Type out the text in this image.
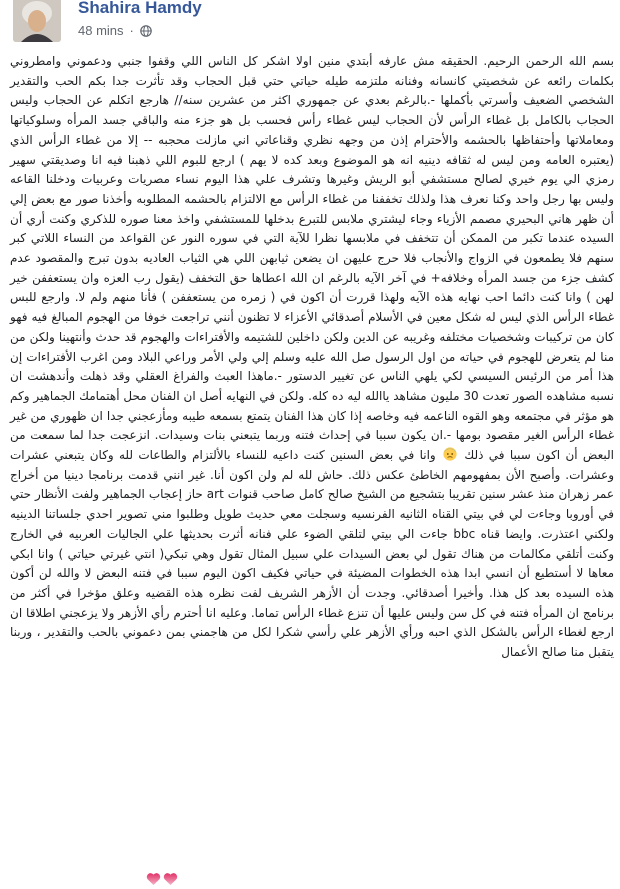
Shahira Hamdy
48 mins ·

بسم الله الرحمن الرحيم. الحقيقه مش عارفه أبتدي منين اولا اشكر كل الناس اللي وقفوا جنبي ودعموني وامطروني بكلمات رائعه عن شخصيتي كانسانه وفنانه ملتزمه طيله حياتي حتي قبل الحجاب وقد تأثرت جدا بكم الحب والتقدير الشخصي الضعيف وأسرتي بأكملها -.بالرغم بعدي عن جمهوري اكثر من عشرين سنه// هارجع اتكلم عن الحجاب وليس الحجاب بالكامل بل غطاء الرأس لأن الحجاب ليس غطاء رأس فحسب بل هو جزء منه والباقي جسد المرأه وسلوكياتها ومعاملاتها وأحتفاظها بالحشمه والأحترام إذن من وجهه نظري وقناعاتي اني مازلت محجبه -- إلا من غطاء الرأس الذي (يعتبره العامه ومن ليس له ثقافه دينيه انه هو الموضوع وبعد كده لا يهم ) ارجع للبوم اللي ذهبنا فيه انا وصديقتي سهير رمزي الي يوم خيري لصالح مستشفي أبو الريش وغيرها وتشرف علي هذا اليوم نساء مصريات وعربيات ودخلنا القاعه وليس بها رجل واحد وكنا نعرف هذا ولذلك تخففنا من غطاء الرأس مع الالتزام بالحشمه المطلوبه وأخذنا صور مع بعض إلي أن ظهر هاني البحيري مصمم الأزياء وجاء ليشتري ملابس للتبرع بدخلها للمستشفي واخذ معنا صوره للذكري وكنت أري أن السيده عندما تكبر من الممكن أن تتخفف في ملابسها نظرا للآية التي في سوره النور عن القواعد من النساء اللاتي كبر سنهم فلا يطمعون في الزواج والأنجاب فلا حرج عليهن ان يضعن ثيابهن اللي هي الثياب العاديه بدون تبرج والمقصود عدم كشف جزء من جسد المرأه وخلافه+ في آخر الآيه بالرغم ان الله اعطاها حق التخفف (يقول رب العزه وان يستعففن خير لهن ) وانا كنت دائما احب نهايه هذه الآيه ولهذا قررت أن اكون في ( زمره من يستعففن ) فأنا منهم ولم لا. وارجع للبس غطاء الرأس الذي ليس له شكل معين في الأسلام أصدقائي الأعزاء لا تظنون أنني تراجعت خوفا من الهجوم المبالغ فيه فهو كان من تركيبات وشخصيات مختلفه وغريبه عن الدين ولكن داخلين للشتيمه والأفتراءات والهجوم قد حدث وأنتهينا ولكن من منا لم يتعرض للهجوم في حياته من اول الرسول صل الله عليه وسلم إلي ولي الأمر وراعي البلاد ومن اغرب الأفتراءات إن هذا أمر من الرئيس السيسي لكي يلهي الناس عن تغيير الدستور -.ماهذا العبث والفراغ العقلي وقد ذهلت وأندهشت ان نسبه مشاهده الصور تعدت 30 مليون مشاهد ياالله ليه ده كله. ولكن في النهايه أصل ان الفنان محل أهتمامك الجماهير وكم هو مؤثر في مجتمعه وهو القوه الناعمه فيه وخاصه إذا كان هذا الفنان يتمتع بسمعه طيبه ومأزعجني جدا ان ظهوري من غير غطاء الرأس الغير مقصود بومها -.ان يكون سببا في إحداث فتنه وربما يتبعني بنات وسيدات. انزعجت جدا لما سمعت من البعض أن اكون سببا في ذلك  وانا في بعض السنين كنت داعيه للنساء بالألتزام والطاعات لله وكان يتبعني عشرات وعشرات. وأصبح الأن بمفهومهم الخاطئ عكس ذلك. حاش لله لم ولن اكون أنا. غير انني قدمت برنامجا دينيا من أخراج عمر زهران منذ عشر سنين تقريبا بتشجيع من الشيخ صالح كامل صاحب قنوات art حاز إعجاب الجماهير ولفت الأنظار حتي في أوروبا وجاءت لي في بيتي القناه الثانيه الفرنسيه وسجلت معي حديث طويل وطلبوا مني تصوير احدي جلساتنا الدينيه ولكني اعتذرت. وايضا قناه bbc جاءت الي بيتي لتلقي الضوء علي فنانه أثرت بحديثها علي الجاليات العربيه في الخارج وكنت أتلقي مكالمات من هناك تقول لي بعض السيدات علي سبيل المثال تقول وهي تبكي( انتي غيرتي حياتي ) وانا ابكي معاها لا أستطيع أن انسي ابدا هذه الخطوات المضيئة في حياتي فكيف اكون اليوم سببا في فتنه البعض لا والله لن أكون هذه السيده بعد كل هذا. وأخيرا أصدقائي. وجدت أن الأزهر الشريف لفت نظره هذه القضيه وعلق مؤخرا في أكثر من برنامج ان المرأه فتنه في كل سن وليس عليها أن تنزع غطاء الرأس تماما. وعليه انا أحترم رأي الأزهر ولا يزعجني اطلاقا ان ارجع لغطاء الرأس بالشكل الذي احبه ورأي الأزهر علي رأسي شكرا لكل من هاجمني بمن دعموني بالحب والتقدير ، وربنا يتقبل منا صالح الأعمال
